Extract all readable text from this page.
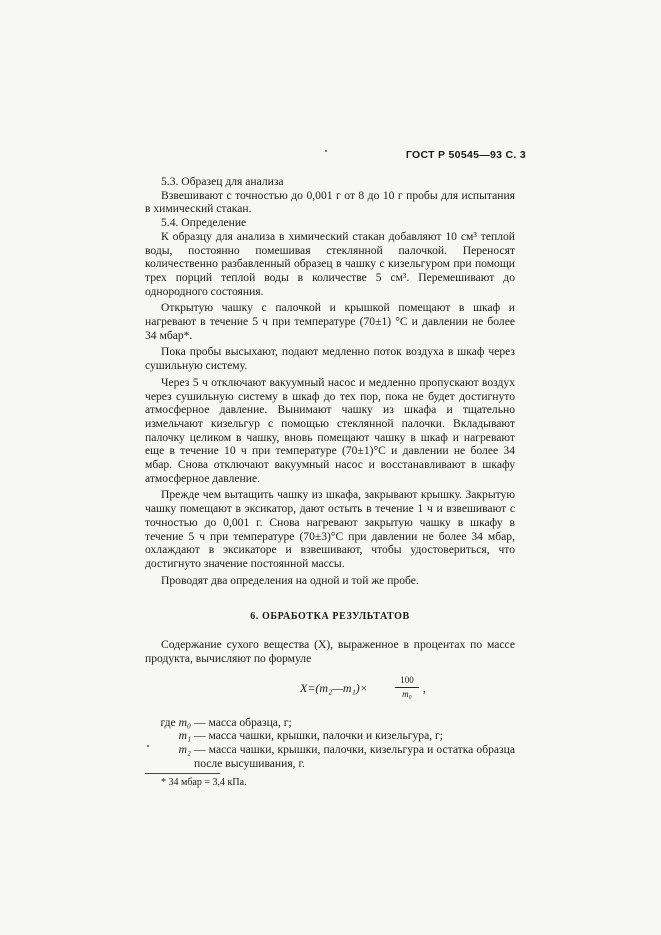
ГОСТ Р 50545—93 С. 3

5.3. Образец для анализа

Взвешивают с точностью до 0,001 г от 8 до 10 г пробы для испытания в химический стакан.

5.4. Определение

К образцу для анализа в химический стакан добавляют 10 см³ теплой воды, постоянно помешивая стеклянной палочкой. Переносят количественно разбавленный образец в чашку с кизельгуром при помощи трех порций теплой воды в количестве 5 см³. Перемешивают до однородного состояния.

Открытую чашку с палочкой и крышкой помещают в шкаф и нагревают в течение 5 ч при температуре (70±1) °С и давлении не более 34 мбар*.

Пока пробы высыхают, подают медленно поток воздуха в шкаф через сушильную систему.

Через 5 ч отключают вакуумный насос и медленно пропускают воздух через сушильную систему в шкаф до тех пор, пока не будет достигнуто атмосферное давление. Вынимают чашку из шкафа и тщательно измельчают кизельгур с помощью стеклянной палочки. Вкладывают палочку целиком в чашку, вновь помещают чашку в шкаф и нагревают еще в течение 10 ч при температуре (70±1)°С и давлении не более 34 мбар. Снова отключают вакуумный насос и восстанавливают в шкафу атмосферное давление.

Прежде чем вытащить чашку из шкафа, закрывают крышку. Закрытую чашку помещают в эксикатор, дают остыть в течение 1 ч и взвешивают с точностью до 0,001 г. Снова нагревают закрытую чашку в шкафу в течение 5 ч при температуре (70±3)°С при давлении не более 34 мбар, охлаждают в эксикаторе и взвешивают, чтобы удостовериться, что достигнуто значение постоянной массы.

Проводят два определения на одной и той же пробе.

6. ОБРАБОТКА РЕЗУЛЬТАТОВ

Содержание сухого вещества (X), выраженное в процентах по массе продукта, вычисляют по формуле

X=(m₂—m₁)×	$\frac{100}{\text{m₀}}$ ,
где m₀ — масса образца, г;
m₁ — масса чашки, крышки, палочки и кизельгура, г;
m₂ — масса чашки, крышки, палочки, кизельгура и остатка образца после высушивания, г.
* 34 мбар = 3,4 кПа.
